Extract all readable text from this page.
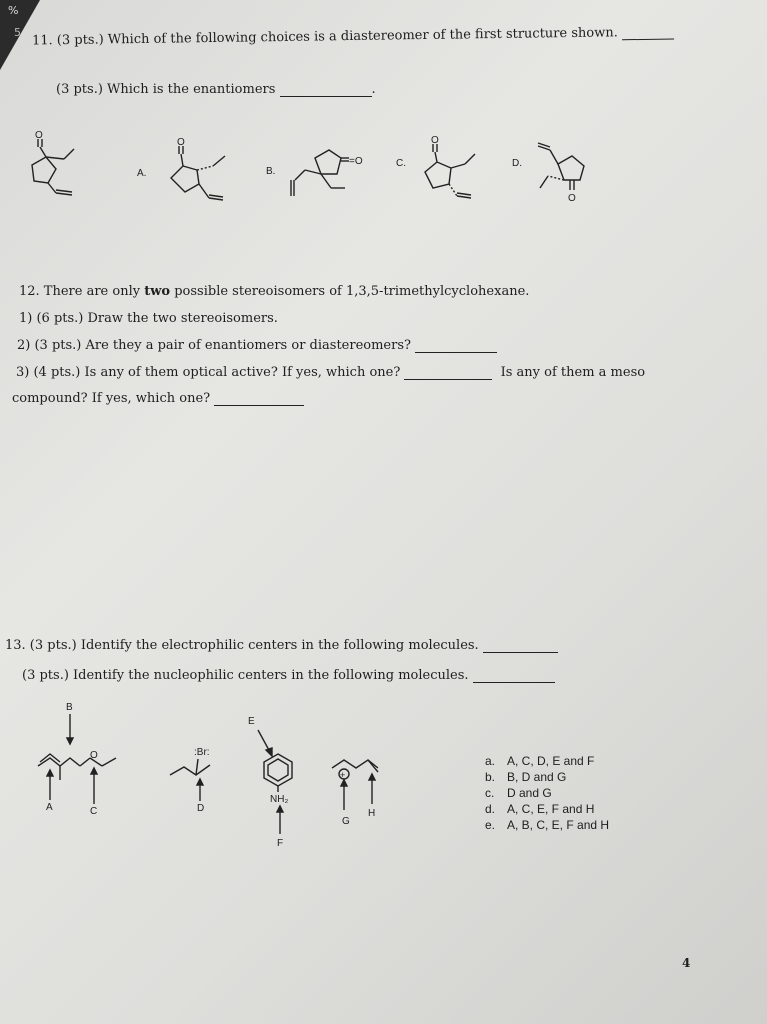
%
5
11. (3 pts.) Which of the following choices is a diastereomer of the first structure shown.
(3 pts.) Which is the enantiomers	.
O
A.
O
B.
=O	C.
O
D.
O
12. There are only two possible stereoisomers of 1,3,5-trimethylcyclohexane.
1) (6 pts.) Draw the two stereoisomers.
2) (3 pts.) Are they a pair of enantiomers or diastereomers?
3) (4 pts.) Is any of them optical active? If yes, which one?	Is any of them a meso
compound? If yes, which one?
13. (3 pts.) Identify the electrophilic centers in the following molecules.
(3 pts.) Identify the nucleophilic centers in the following molecules.
B
O
A	C
:Br:
D
E
NH₂
F
+
G
H
a. A, C, D, E and F
b. B, D and G
c. D and G
d. A, C, E, F and H
e. A, B, C, E, F and H
4
